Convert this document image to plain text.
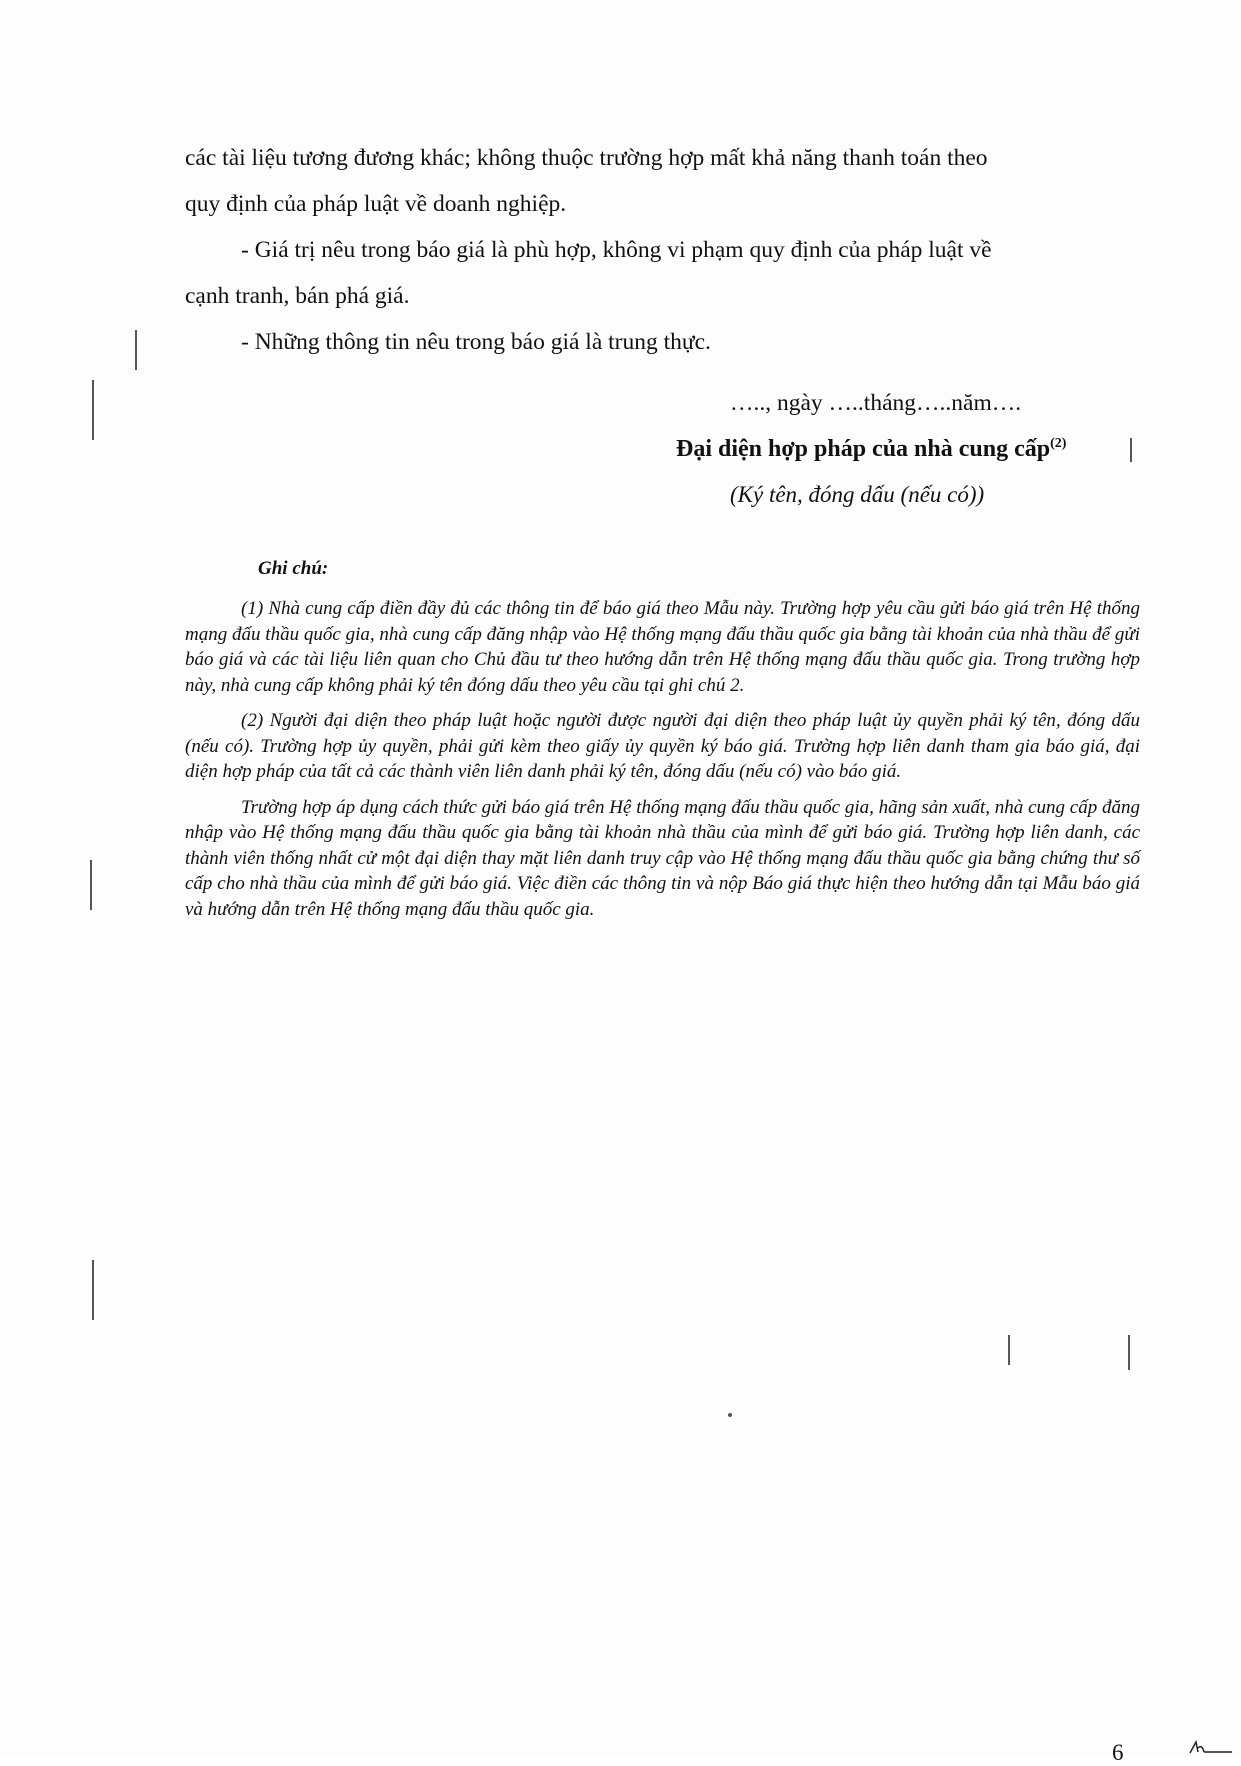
các tài liệu tương đương khác; không thuộc trường hợp mất khả năng thanh toán theo

quy định của pháp luật về doanh nghiệp.

- Giá trị nêu trong báo giá là phù hợp, không vi phạm quy định của pháp luật về

cạnh tranh, bán phá giá.

- Những thông tin nêu trong báo giá là trung thực.

….., ngày …..tháng…..năm….
Đại diện hợp pháp của nhà cung cấp$^{(2)}$
(Ký tên, đóng dấu (nếu có))
Ghi chú:

(1) Nhà cung cấp điền đầy đủ các thông tin để báo giá theo Mẫu này. Trường hợp yêu cầu gửi báo giá trên Hệ thống mạng đấu thầu quốc gia, nhà cung cấp đăng nhập vào Hệ thống mạng đấu thầu quốc gia bằng tài khoản của nhà thầu để gửi báo giá và các tài liệu liên quan cho Chủ đầu tư theo hướng dẫn trên Hệ thống mạng đấu thầu quốc gia. Trong trường hợp này, nhà cung cấp không phải ký tên đóng dấu theo yêu cầu tại ghi chú 2.

(2) Người đại diện theo pháp luật hoặc người được người đại diện theo pháp luật ủy quyền phải ký tên, đóng dấu (nếu có). Trường hợp ủy quyền, phải gửi kèm theo giấy ủy quyền ký báo giá. Trường hợp liên danh tham gia báo giá, đại diện hợp pháp của tất cả các thành viên liên danh phải ký tên, đóng dấu (nếu có) vào báo giá.

Trường hợp áp dụng cách thức gửi báo giá trên Hệ thống mạng đấu thầu quốc gia, hãng sản xuất, nhà cung cấp đăng nhập vào Hệ thống mạng đấu thầu quốc gia bằng tài khoản nhà thầu của mình để gửi báo giá. Trường hợp liên danh, các thành viên thống nhất cử một đại diện thay mặt liên danh truy cập vào Hệ thống mạng đấu thầu quốc gia bằng chứng thư số cấp cho nhà thầu của mình để gửi báo giá. Việc điền các thông tin và nộp Báo giá thực hiện theo hướng dẫn tại Mẫu báo giá và hướng dẫn trên Hệ thống mạng đấu thầu quốc gia.

6
